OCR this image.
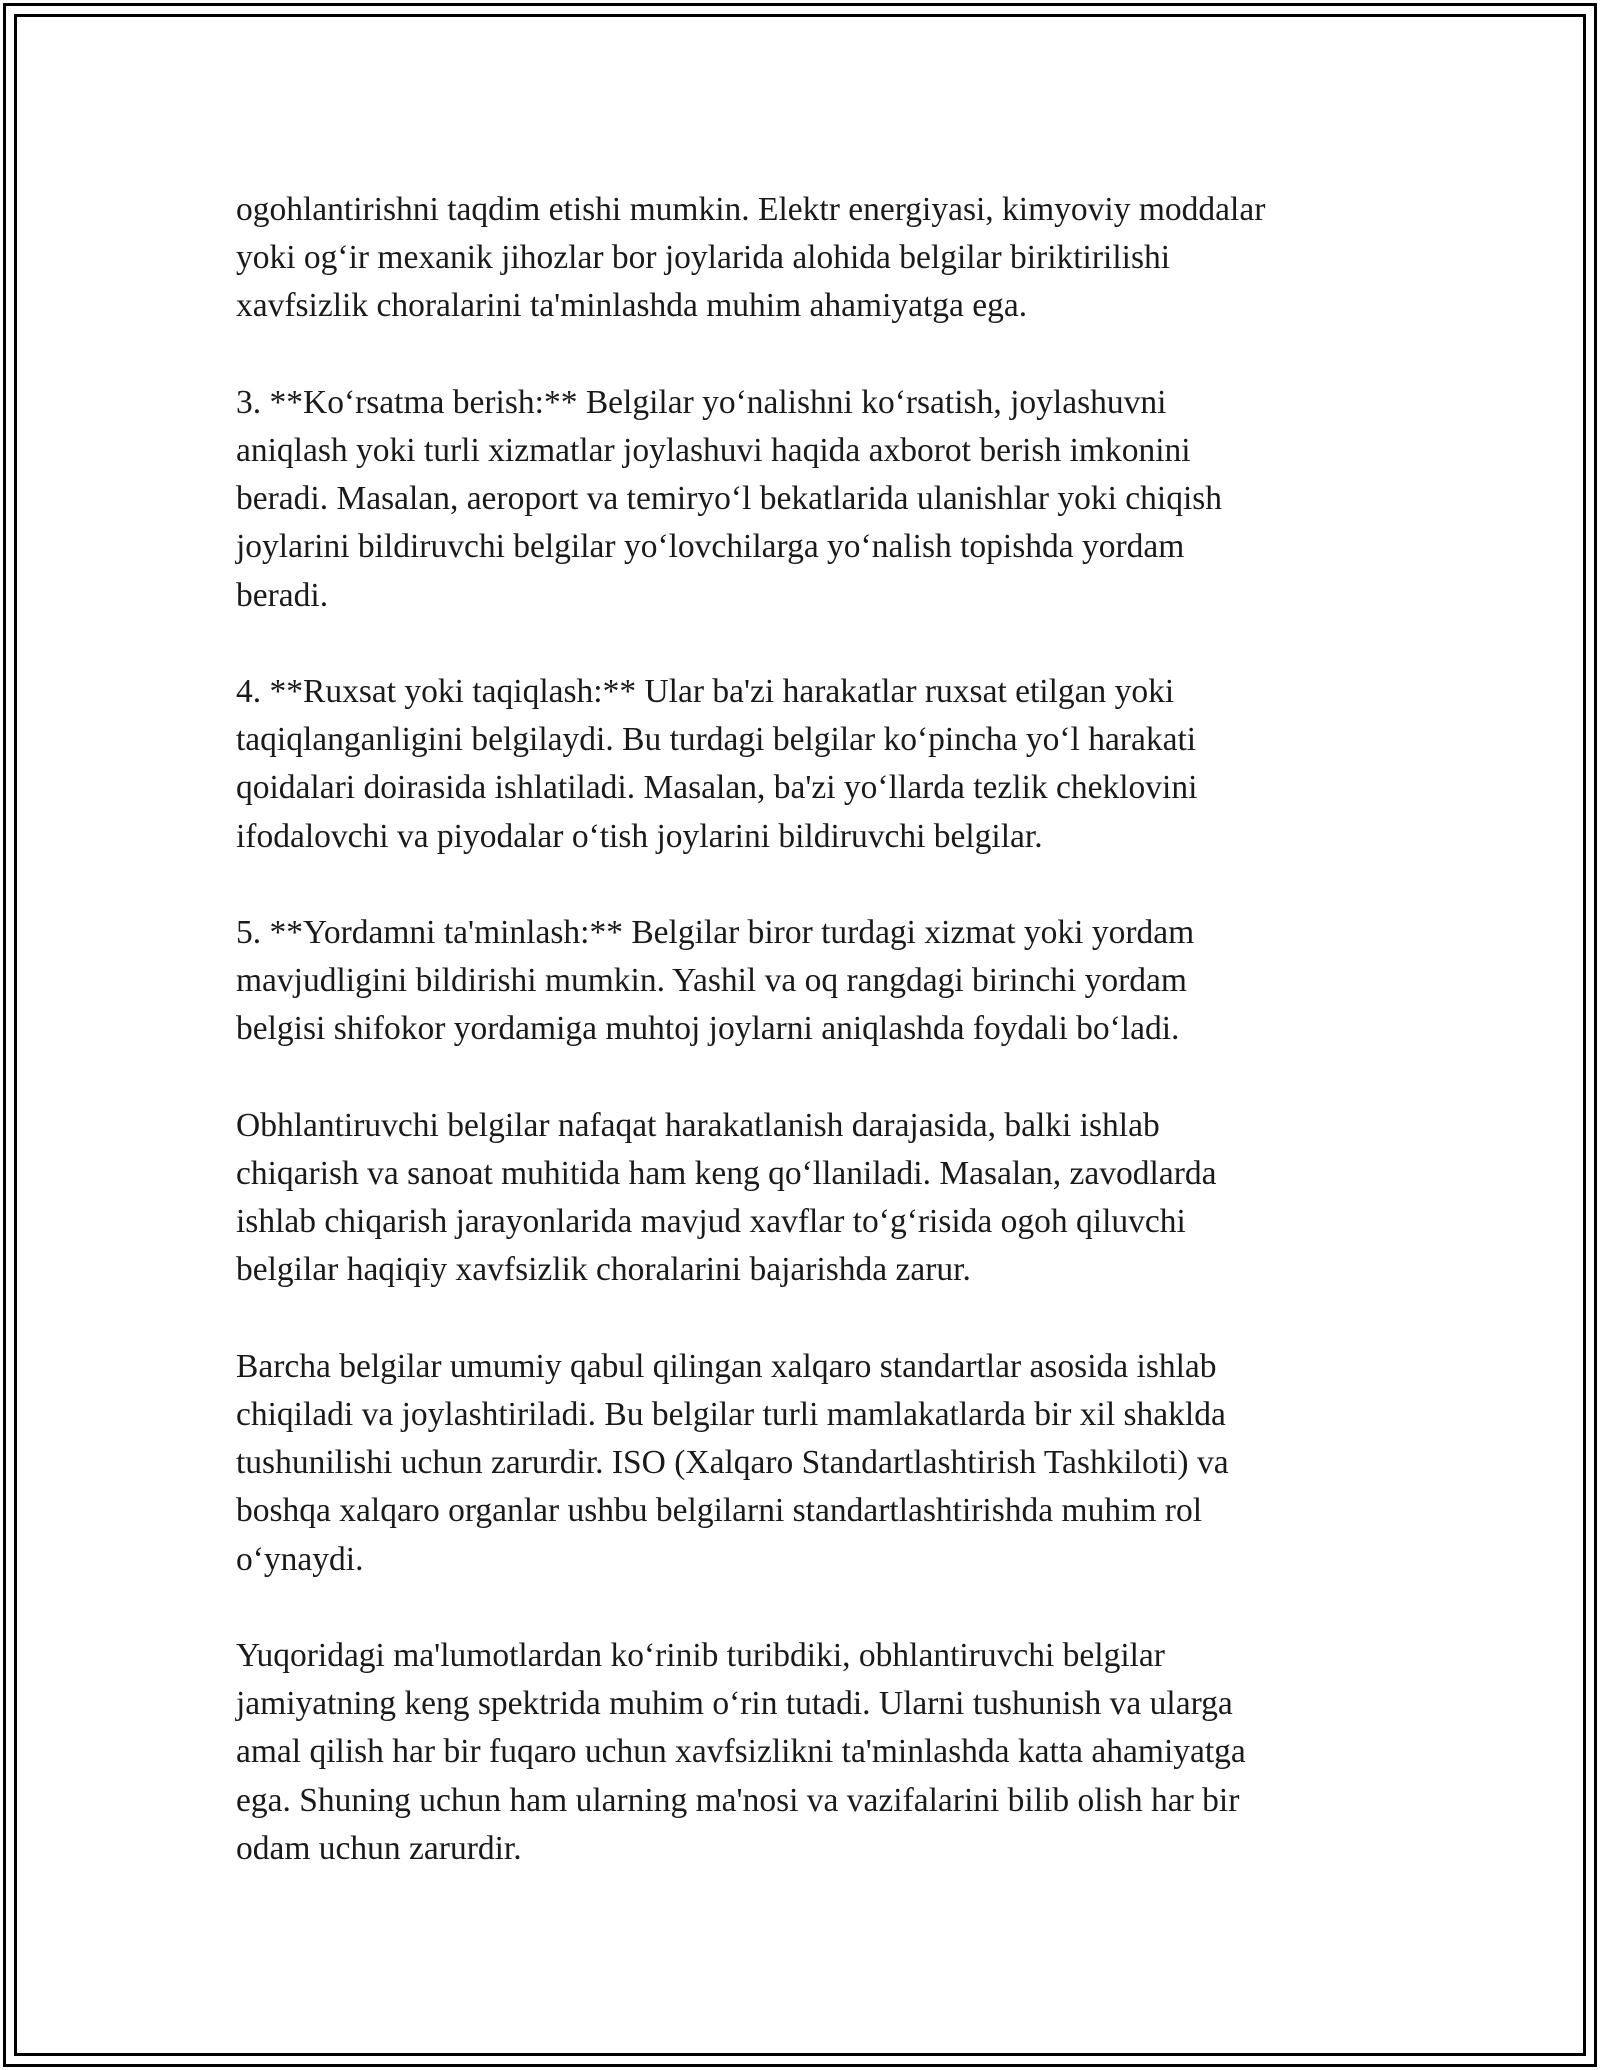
ogohlantirishni taqdim etishi mumkin. Elektr energiyasi, kimyoviy moddalar
yoki og‘ir mexanik jihozlar bor joylarida alohida belgilar biriktirilishi
xavfsizlik choralarini ta'minlashda muhim ahamiyatga ega.

3. **Ko‘rsatma berish:** Belgilar yo‘nalishni ko‘rsatish, joylashuvni
aniqlash yoki turli xizmatlar joylashuvi haqida axborot berish imkonini
beradi. Masalan, aeroport va temiryo‘l bekatlarida ulanishlar yoki chiqish
joylarini bildiruvchi belgilar yo‘lovchilarga yo‘nalish topishda yordam
beradi.

4. **Ruxsat yoki taqiqlash:** Ular ba'zi harakatlar ruxsat etilgan yoki
taqiqlanganligini belgilaydi. Bu turdagi belgilar ko‘pincha yo‘l harakati
qoidalari doirasida ishlatiladi. Masalan, ba'zi yo‘llarda tezlik cheklovini
ifodalovchi va piyodalar o‘tish joylarini bildiruvchi belgilar.

5. **Yordamni ta'minlash:** Belgilar biror turdagi xizmat yoki yordam
mavjudligini bildirishi mumkin. Yashil va oq rangdagi birinchi yordam
belgisi shifokor yordamiga muhtoj joylarni aniqlashda foydali bo‘ladi.

Obhlantiruvchi belgilar nafaqat harakatlanish darajasida, balki ishlab
chiqarish va sanoat muhitida ham keng qo‘llaniladi. Masalan, zavodlarda
ishlab chiqarish jarayonlarida mavjud xavflar to‘g‘risida ogoh qiluvchi
belgilar haqiqiy xavfsizlik choralarini bajarishda zarur.

Barcha belgilar umumiy qabul qilingan xalqaro standartlar asosida ishlab
chiqiladi va joylashtiriladi. Bu belgilar turli mamlakatlarda bir xil shaklda
tushunilishi uchun zarurdir. ISO (Xalqaro Standartlashtirish Tashkiloti) va
boshqa xalqaro organlar ushbu belgilarni standartlashtirishda muhim rol
o‘ynaydi.

Yuqoridagi ma'lumotlardan ko‘rinib turibdiki, obhlantiruvchi belgilar
jamiyatning keng spektrida muhim o‘rin tutadi. Ularni tushunish va ularga
amal qilish har bir fuqaro uchun xavfsizlikni ta'minlashda katta ahamiyatga
ega. Shuning uchun ham ularning ma'nosi va vazifalarini bilib olish har bir
odam uchun zarurdir.
